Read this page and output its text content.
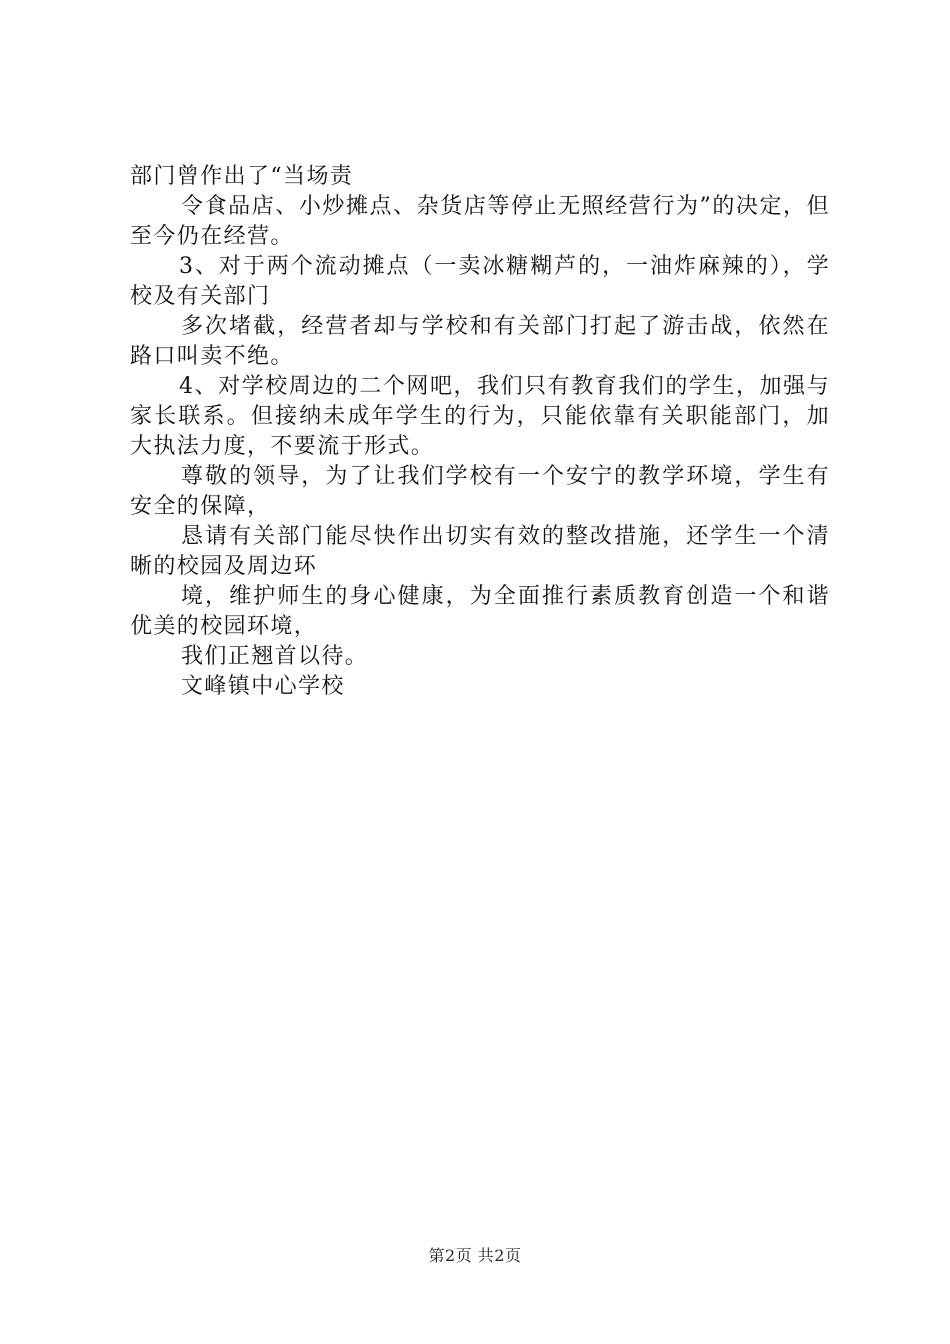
部门曾作出了“当场责

令食品店、小炒摊点、杂货店等停止无照经营行为”的决定，但至今仍在经营。

3、对于两个流动摊点（一卖冰糖糊芦的，一油炸麻辣的），学校及有关部门

多次堵截，经营者却与学校和有关部门打起了游击战，依然在路口叫卖不绝。

4、对学校周边的二个网吧，我们只有教育我们的学生，加强与家长联系。但接纳未成年学生的行为，只能依靠有关职能部门，加大执法力度，不要流于形式。

尊敬的领导，为了让我们学校有一个安宁的教学环境，学生有安全的保障，

恳请有关部门能尽快作出切实有效的整改措施，还学生一个清晰的校园及周边环

境，维护师生的身心健康，为全面推行素质教育创造一个和谐优美的校园环境，

我们正翘首以待。

文峰镇中心学校

第2页 共2页
